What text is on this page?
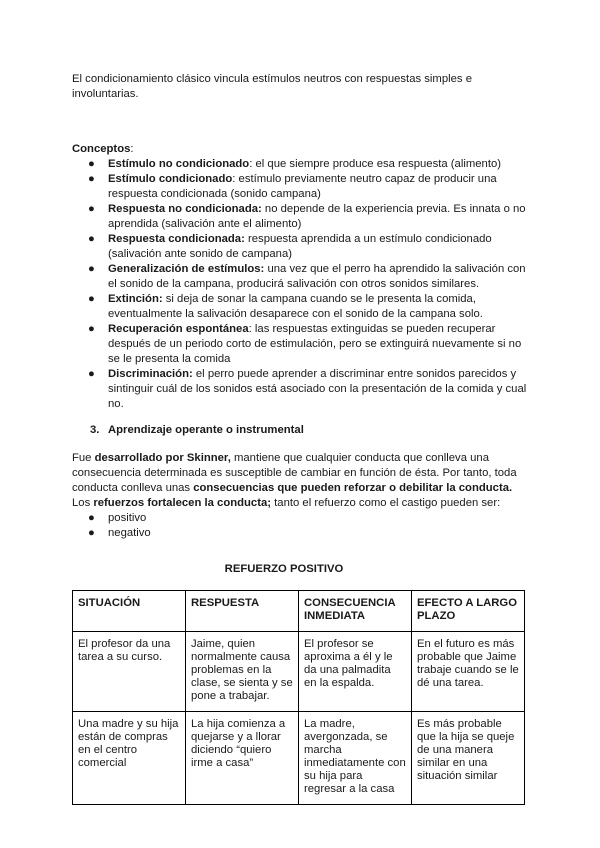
El condicionamiento clásico vincula estímulos neutros con respuestas simples e involuntarias.

Conceptos:

● Estímulo no condicionado: el que siempre produce esa respuesta (alimento)
● Estímulo condicionado: estímulo previamente neutro capaz de producir una respuesta condicionada (sonido campana)
● Respuesta no condicionada: no depende de la experiencia previa. Es innata o no aprendida (salivación ante el alimento)
● Respuesta condicionada: respuesta aprendida a un estímulo condicionado (salivación ante sonido de campana)
● Generalización de estímulos: una vez que el perro ha aprendido la salivación con el sonido de la campana, producirá salivación con otros sonidos similares.
● Extinción: si deja de sonar la campana cuando se le presenta la comida, eventualmente la salivación desaparece con el sonido de la campana solo.
● Recuperación espontánea: las respuestas extinguidas se pueden recuperar después de un periodo corto de estimulación, pero se extinguirá nuevamente si no se le presenta la comida
● Discriminación: el perro puede aprender a discriminar entre sonidos parecidos y sintinguir cuál de los sonidos está asociado con la presentación de la comida y cual no.

3. Aprendizaje operante o instrumental

Fue desarrollado por Skinner, mantiene que cualquier conducta que conlleva una consecuencia determinada es susceptible de cambiar en función de ésta. Por tanto, toda conducta conlleva unas consecuencias que pueden reforzar o debilitar la conducta. Los refuerzos fortalecen la conducta; tanto el refuerzo como el castigo pueden ser:

● positivo
● negativo

REFUERZO POSITIVO

SITUACIÓN	RESPUESTA	CONSECUENCIA INMEDIATA	EFECTO A LARGO PLAZO
El profesor da una tarea a su curso.	Jaime, quien normalmente causa problemas en la clase, se sienta y se pone a trabajar.	El profesor se aproxima a él y le da una palmadita en la espalda.	En el futuro es más probable que Jaime trabaje cuando se le dé una tarea.
Una madre y su hija están de compras en el centro comercial	La hija comienza a quejarse y a llorar diciendo “quiero irme a casa”	La madre, avergonzada, se marcha inmediatamente con su hija para regresar a la casa	Es más probable que la hija se queje de una manera similar en una situación similar
